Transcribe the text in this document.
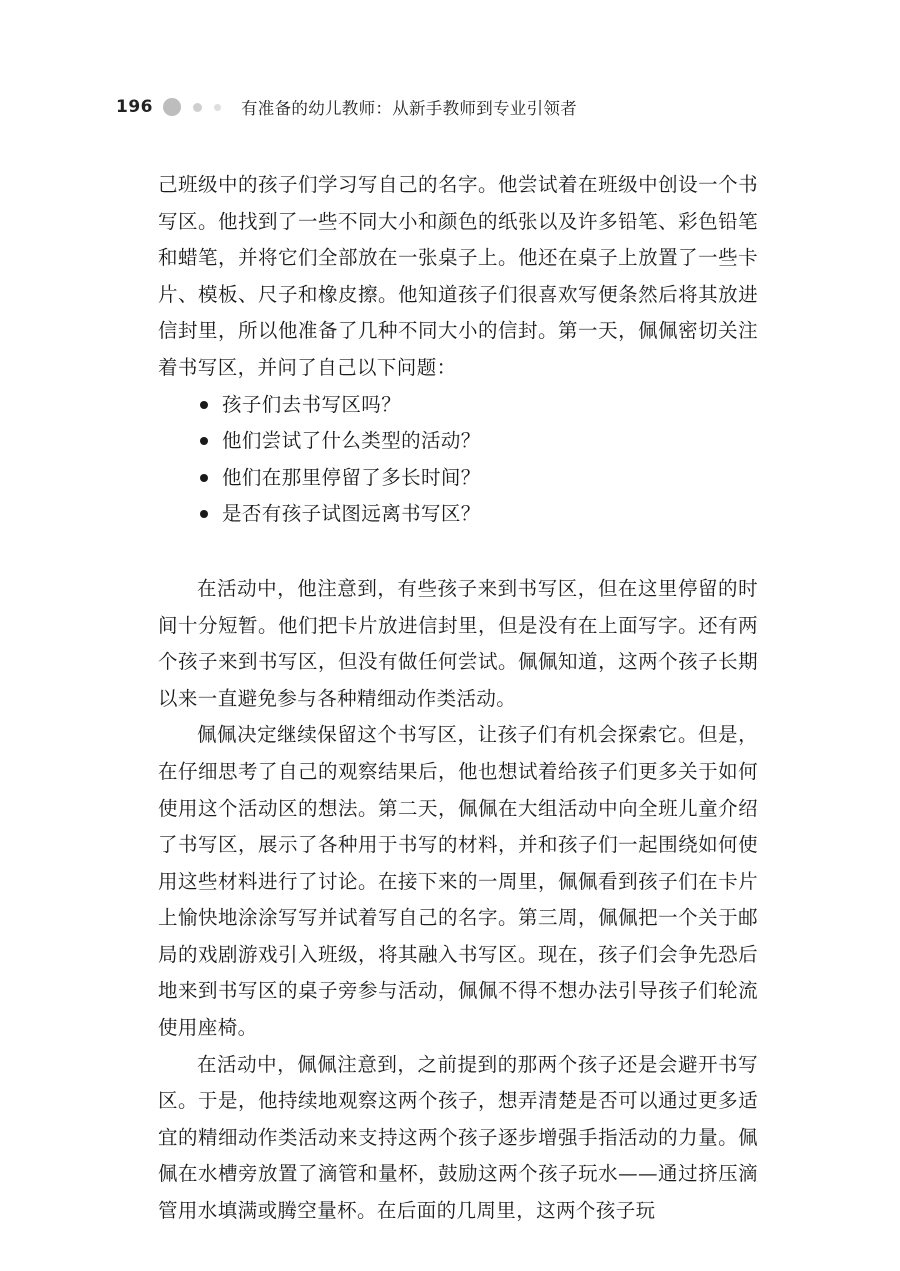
196	有准备的幼儿教师：从新手教师到专业引领者

己班级中的孩子们学习写自己的名字。他尝试着在班级中创设一个书写区。他找到了一些不同大小和颜色的纸张以及许多铅笔、彩色铅笔和蜡笔，并将它们全部放在一张桌子上。他还在桌子上放置了一些卡片、模板、尺子和橡皮擦。他知道孩子们很喜欢写便条然后将其放进信封里，所以他准备了几种不同大小的信封。第一天，佩佩密切关注着书写区，并问了自己以下问题：

孩子们去书写区吗？
他们尝试了什么类型的活动？
他们在那里停留了多长时间？
是否有孩子试图远离书写区？

在活动中，他注意到，有些孩子来到书写区，但在这里停留的时间十分短暂。他们把卡片放进信封里，但是没有在上面写字。还有两个孩子来到书写区，但没有做任何尝试。佩佩知道，这两个孩子长期以来一直避免参与各种精细动作类活动。

佩佩决定继续保留这个书写区，让孩子们有机会探索它。但是，在仔细思考了自己的观察结果后，他也想试着给孩子们更多关于如何使用这个活动区的想法。第二天，佩佩在大组活动中向全班儿童介绍了书写区，展示了各种用于书写的材料，并和孩子们一起围绕如何使用这些材料进行了讨论。在接下来的一周里，佩佩看到孩子们在卡片上愉快地涂涂写写并试着写自己的名字。第三周，佩佩把一个关于邮局的戏剧游戏引入班级，将其融入书写区。现在，孩子们会争先恐后地来到书写区的桌子旁参与活动，佩佩不得不想办法引导孩子们轮流使用座椅。

在活动中，佩佩注意到，之前提到的那两个孩子还是会避开书写区。于是，他持续地观察这两个孩子，想弄清楚是否可以通过更多适宜的精细动作类活动来支持这两个孩子逐步增强手指活动的力量。佩佩在水槽旁放置了滴管和量杯，鼓励这两个孩子玩水——通过挤压滴管用水填满或腾空量杯。在后面的几周里，这两个孩子玩
